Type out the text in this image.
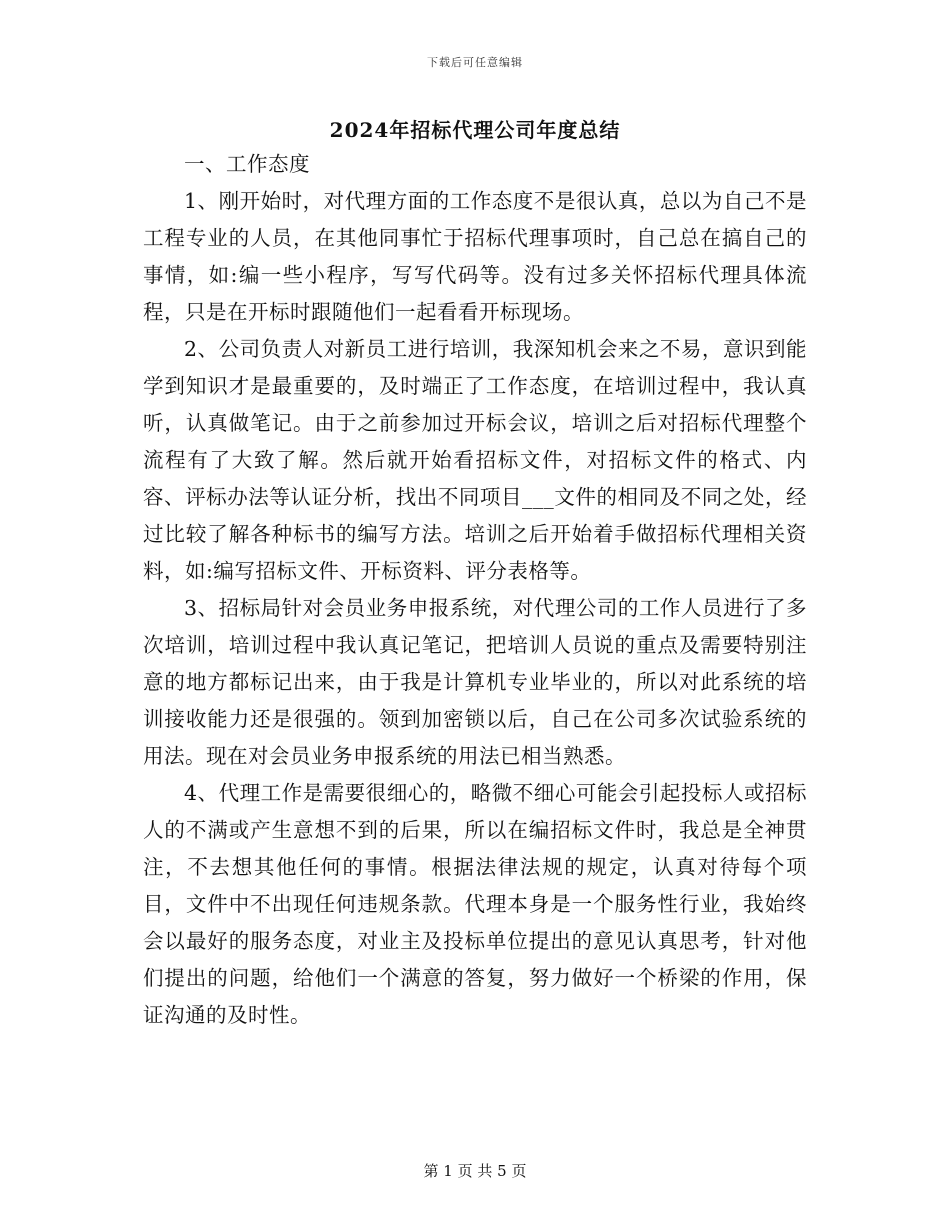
下载后可任意编辑
2024年招标代理公司年度总结

一、工作态度

1、刚开始时，对代理方面的工作态度不是很认真，总以为自己不是工程专业的人员，在其他同事忙于招标代理事项时，自己总在搞自己的事情，如:编一些小程序，写写代码等。没有过多关怀招标代理具体流程，只是在开标时跟随他们一起看看开标现场。

2、公司负责人对新员工进行培训，我深知机会来之不易，意识到能学到知识才是最重要的，及时端正了工作态度，在培训过程中，我认真听，认真做笔记。由于之前参加过开标会议，培训之后对招标代理整个流程有了大致了解。然后就开始看招标文件，对招标文件的格式、内容、评标办法等认证分析，找出不同项目___文件的相同及不同之处，经过比较了解各种标书的编写方法。培训之后开始着手做招标代理相关资料，如:编写招标文件、开标资料、评分表格等。

3、招标局针对会员业务申报系统，对代理公司的工作人员进行了多次培训，培训过程中我认真记笔记，把培训人员说的重点及需要特别注意的地方都标记出来，由于我是计算机专业毕业的，所以对此系统的培训接收能力还是很强的。领到加密锁以后，自己在公司多次试验系统的用法。现在对会员业务申报系统的用法已相当熟悉。

4、代理工作是需要很细心的，略微不细心可能会引起投标人或招标人的不满或产生意想不到的后果，所以在编招标文件时，我总是全神贯注，不去想其他任何的事情。根据法律法规的规定，认真对待每个项目，文件中不出现任何违规条款。代理本身是一个服务性行业，我始终会以最好的服务态度，对业主及投标单位提出的意见认真思考，针对他们提出的问题，给他们一个满意的答复，努力做好一个桥梁的作用，保证沟通的及时性。

第 1 页 共 5 页
